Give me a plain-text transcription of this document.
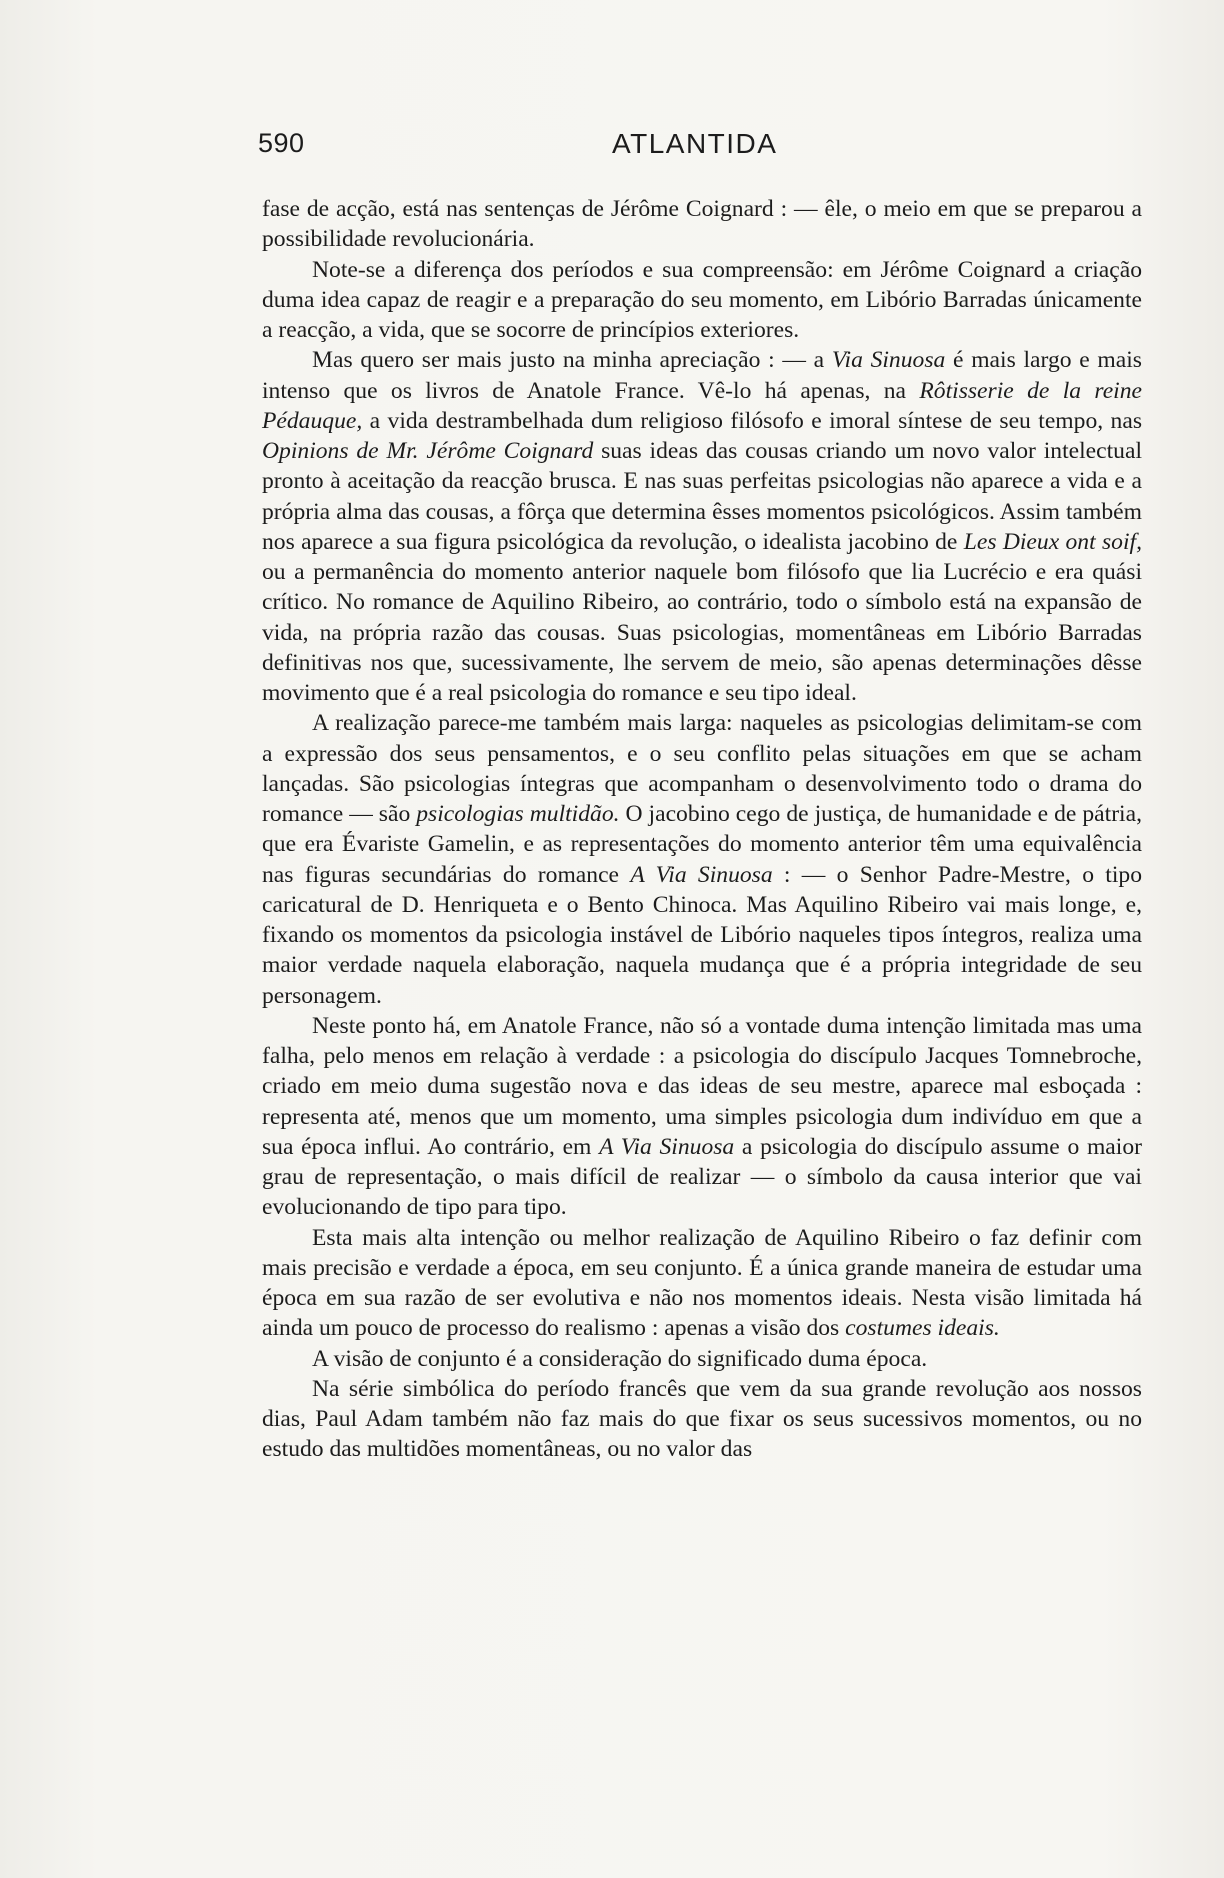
590	ATLANTIDA

fase de acção, está nas sentenças de Jérôme Coignard : — êle, o meio em que se preparou a possibilidade revolucionária.

Note-se a diferença dos períodos e sua compreensão: em Jérôme Coignard a criação duma idea capaz de reagir e a preparação do seu momento, em Libório Barradas únicamente a reacção, a vida, que se socorre de princípios exteriores.

Mas quero ser mais justo na minha apreciação : — a Via Sinuosa é mais largo e mais intenso que os livros de Anatole France. Vê-lo há apenas, na Rôtisserie de la reine Pédauque, a vida destrambelhada dum religioso filósofo e imoral síntese de seu tempo, nas Opinions de Mr. Jérôme Coignard suas ideas das cousas criando um novo valor intelectual pronto à aceitação da reacção brusca. E nas suas perfeitas psicologias não aparece a vida e a própria alma das cousas, a fôrça que determina êsses momentos psicológicos. Assim também nos aparece a sua figura psicológica da revolução, o idealista jacobino de Les Dieux ont soif, ou a permanência do momento anterior naquele bom filósofo que lia Lucrécio e era quási crítico. No romance de Aquilino Ribeiro, ao contrário, todo o símbolo está na expansão de vida, na própria razão das cousas. Suas psicologias, momentâneas em Libório Barradas definitivas nos que, sucessivamente, lhe servem de meio, são apenas determinações dêsse movimento que é a real psicologia do romance e seu tipo ideal.

A realização parece-me também mais larga: naqueles as psicologias delimitam-se com a expressão dos seus pensamentos, e o seu conflito pelas situações em que se acham lançadas. São psicologias íntegras que acompanham o desenvolvimento todo o drama do romance — são psicologias multidão. O jacobino cego de justiça, de humanidade e de pátria, que era Évariste Gamelin, e as representações do momento anterior têm uma equivalência nas figuras secundárias do romance A Via Sinuosa : — o Senhor Padre-Mestre, o tipo caricatural de D. Henriqueta e o Bento Chinoca. Mas Aquilino Ribeiro vai mais longe, e, fixando os momentos da psicologia instável de Libório naqueles tipos íntegros, realiza uma maior verdade naquela elaboração, naquela mudança que é a própria integridade de seu personagem.

Neste ponto há, em Anatole France, não só a vontade duma intenção limitada mas uma falha, pelo menos em relação à verdade : a psicologia do discípulo Jacques Tomnebroche, criado em meio duma sugestão nova e das ideas de seu mestre, aparece mal esboçada : representa até, menos que um momento, uma simples psicologia dum indivíduo em que a sua época influi. Ao contrário, em A Via Sinuosa a psicologia do discípulo assume o maior grau de representação, o mais difícil de realizar — o símbolo da causa interior que vai evolucionando de tipo para tipo.

Esta mais alta intenção ou melhor realização de Aquilino Ribeiro o faz definir com mais precisão e verdade a época, em seu conjunto. É a única grande maneira de estudar uma época em sua razão de ser evolutiva e não nos momentos ideais. Nesta visão limitada há ainda um pouco de processo do realismo : apenas a visão dos costumes ideais.

A visão de conjunto é a consideração do significado duma época.

Na série simbólica do período francês que vem da sua grande revolução aos nossos dias, Paul Adam também não faz mais do que fixar os seus sucessivos momentos, ou no estudo das multidões momentâneas, ou no valor das
